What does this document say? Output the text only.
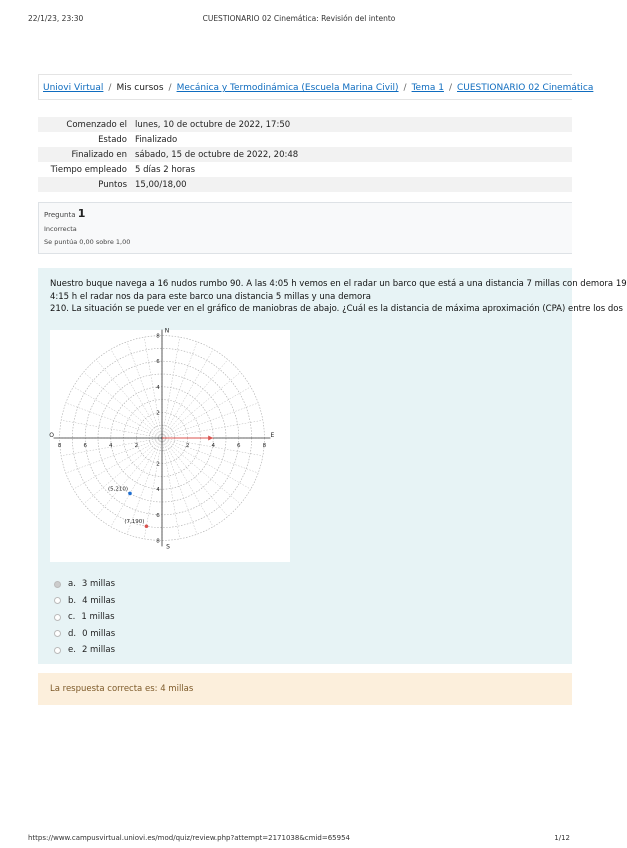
22/1/23, 23:30	CUESTIONARIO 02 Cinemática: Revisión del intento
Uniovi Virtual / Mis cursos / Mecánica y Termodinámica (Escuela Marina Civil) / Tema 1 / CUESTIONARIO 02 Cinemática
Comenzado el	lunes, 10 de octubre de 2022, 17:50
Estado	Finalizado
Finalizado en	sábado, 15 de octubre de 2022, 20:48
Tiempo empleado	5 días 2 horas
Puntos	15,00/18,00
Pregunta 1
Incorrecta
Se puntúa 0,00 sobre 1,00
Nuestro buque navega a 16 nudos rumbo 90. A las 4:05 h vemos en el radar un barco que está a una distancia 7 millas con demora 19
4:15 h el radar nos da para este barco una distancia 5 millas y una demora
210. La situación se puede ver en el gráfico de maniobras de abajo. ¿Cuál es la distancia de máxima aproximación (CPA) entre los dos
2
2
2
2
4
4
4
4
6
6
6
6
8
8
8
8
N
S
E
O
(5,210)
(7,190)
a. 3 millas
b. 4 millas
c. 1 millas
d. 0 millas
e. 2 millas
La respuesta correcta es: 4 millas
https://www.campusvirtual.uniovi.es/mod/quiz/review.php?attempt=2171038&cmid=65954	1/12
